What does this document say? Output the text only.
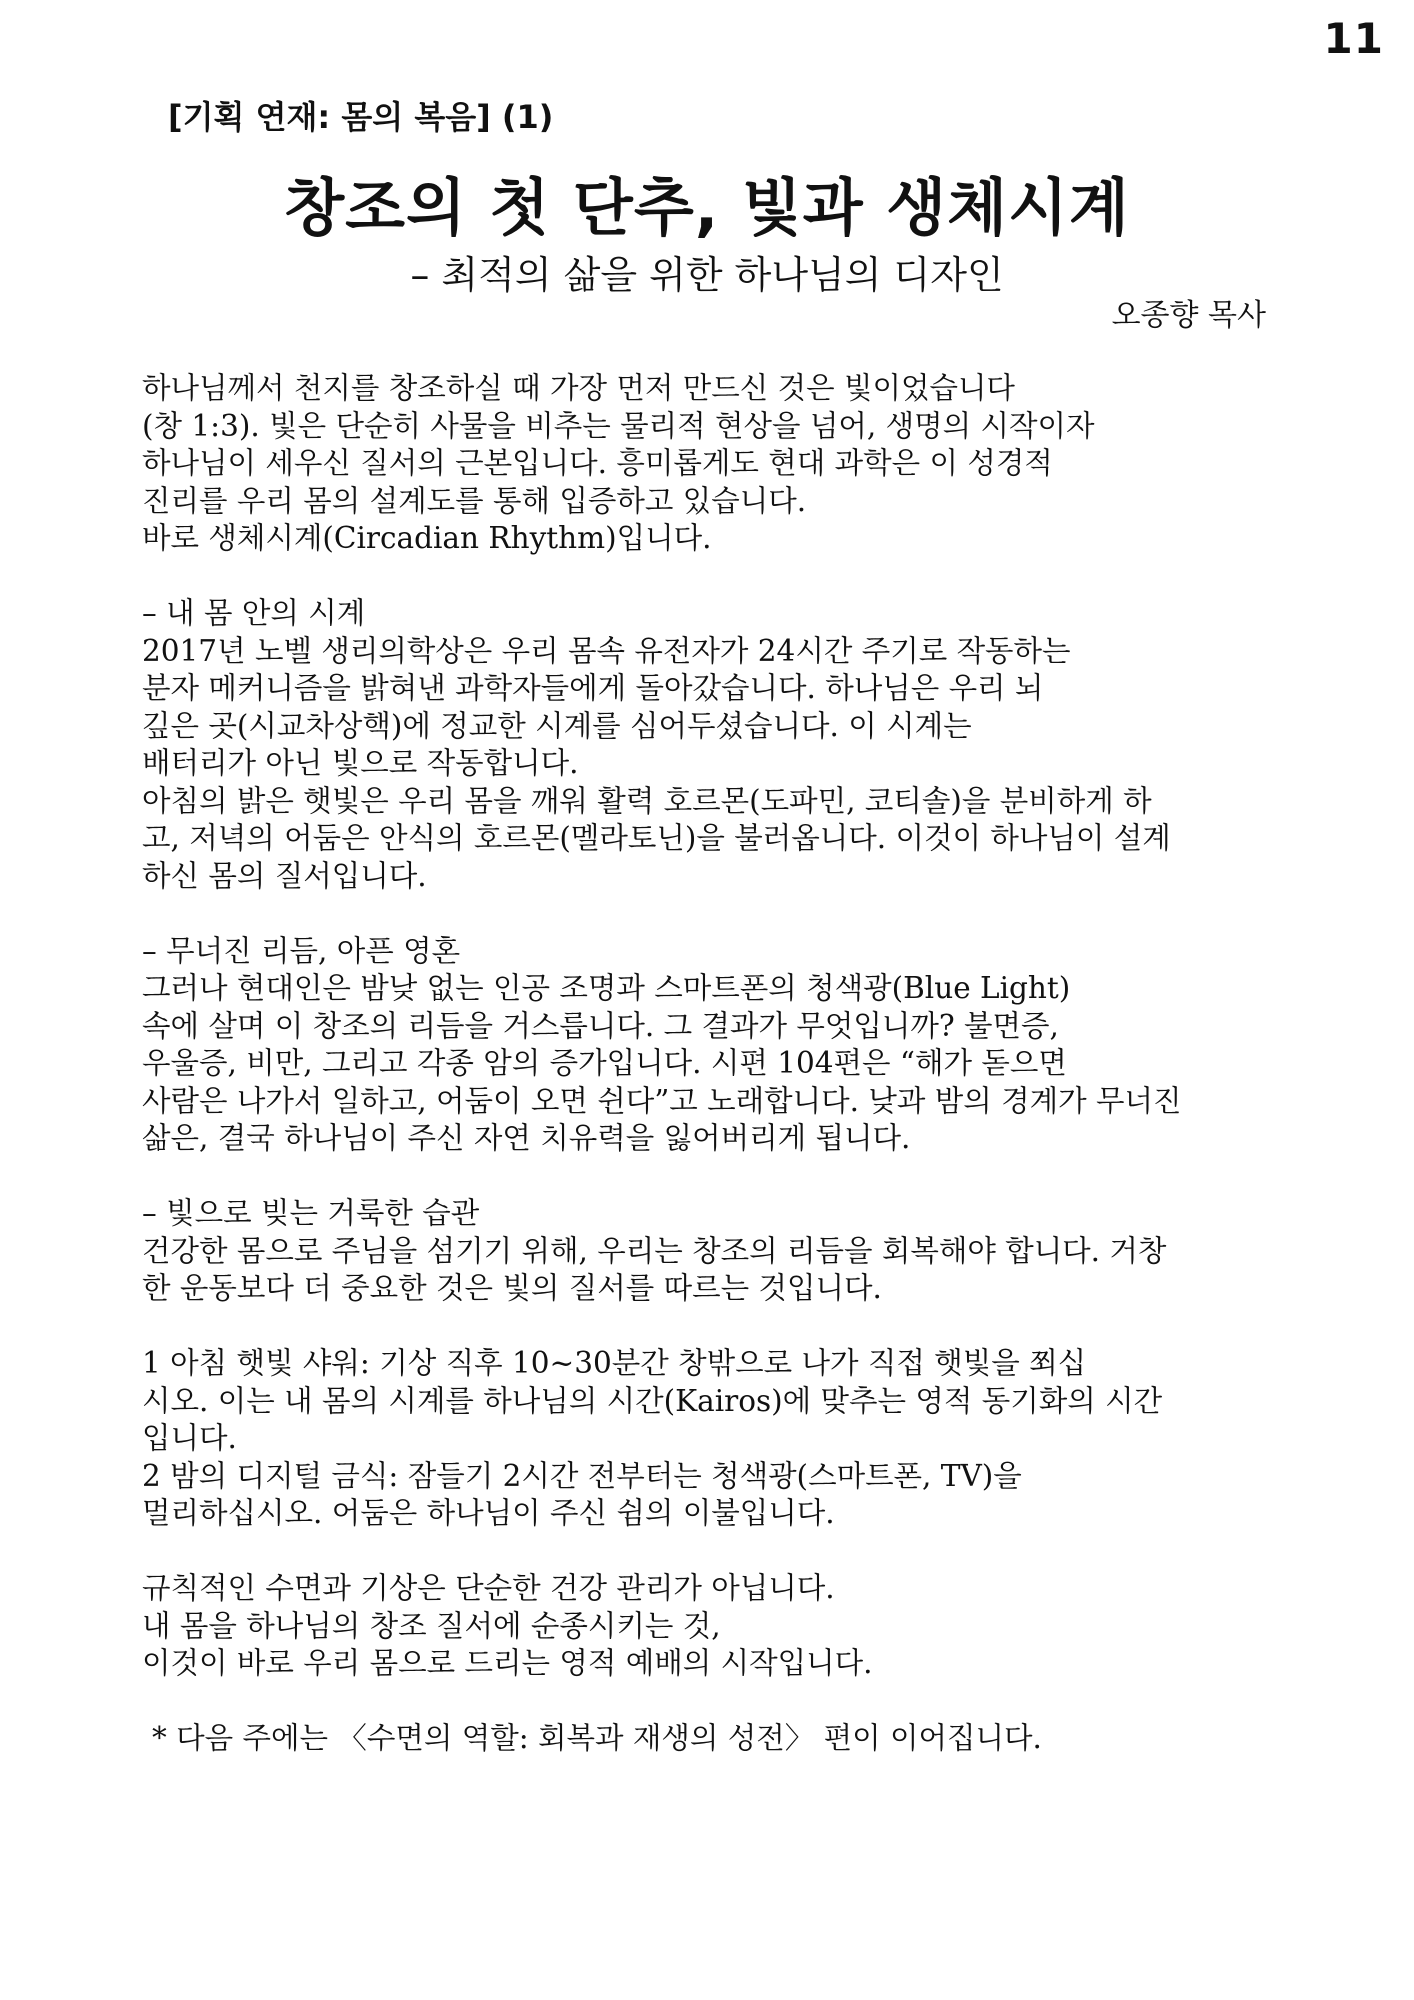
11
[기획 연재: 몸의 복음] (1)
창조의 첫 단추, 빛과 생체시계
– 최적의 삶을 위한 하나님의 디자인
오종향 목사
하나님께서 천지를 창조하실 때 가장 먼저 만드신 것은 빛이었습니다
(창 1:3). 빛은 단순히 사물을 비추는 물리적 현상을 넘어, 생명의 시작이자
하나님이 세우신 질서의 근본입니다. 흥미롭게도 현대 과학은 이 성경적
진리를 우리 몸의 설계도를 통해 입증하고 있습니다.
바로 생체시계(Circadian Rhythm)입니다.
– 내 몸 안의 시계
2017년 노벨 생리의학상은 우리 몸속 유전자가 24시간 주기로 작동하는
분자 메커니즘을 밝혀낸 과학자들에게 돌아갔습니다. 하나님은 우리 뇌
깊은 곳(시교차상핵)에 정교한 시계를 심어두셨습니다. 이 시계는
배터리가 아닌 빛으로 작동합니다.
아침의 밝은 햇빛은 우리 몸을 깨워 활력 호르몬(도파민, 코티솔)을 분비하게 하
고, 저녁의 어둠은 안식의 호르몬(멜라토닌)을 불러옵니다. 이것이 하나님이 설계
하신 몸의 질서입니다.
– 무너진 리듬, 아픈 영혼
그러나 현대인은 밤낮 없는 인공 조명과 스마트폰의 청색광(Blue Light)
속에 살며 이 창조의 리듬을 거스릅니다. 그 결과가 무엇입니까? 불면증,
우울증, 비만, 그리고 각종 암의 증가입니다. 시편 104편은 “해가 돋으면
사람은 나가서 일하고, 어둠이 오면 쉰다”고 노래합니다. 낮과 밤의 경계가 무너진
삶은, 결국 하나님이 주신 자연 치유력을 잃어버리게 됩니다.
– 빛으로 빚는 거룩한 습관
건강한 몸으로 주님을 섬기기 위해, 우리는 창조의 리듬을 회복해야 합니다. 거창
한 운동보다 더 중요한 것은 빛의 질서를 따르는 것입니다.
1 아침 햇빛 샤워: 기상 직후 10~30분간 창밖으로 나가 직접 햇빛을 쬐십
시오. 이는 내 몸의 시계를 하나님의 시간(Kairos)에 맞추는 영적 동기화의 시간
입니다.
2 밤의 디지털 금식: 잠들기 2시간 전부터는 청색광(스마트폰, TV)을
멀리하십시오. 어둠은 하나님이 주신 쉼의 이불입니다.
규칙적인 수면과 기상은 단순한 건강 관리가 아닙니다.
내 몸을 하나님의 창조 질서에 순종시키는 것,
이것이 바로 우리 몸으로 드리는 영적 예배의 시작입니다.
* 다음 주에는 〈수면의 역할: 회복과 재생의 성전〉 편이 이어집니다.
